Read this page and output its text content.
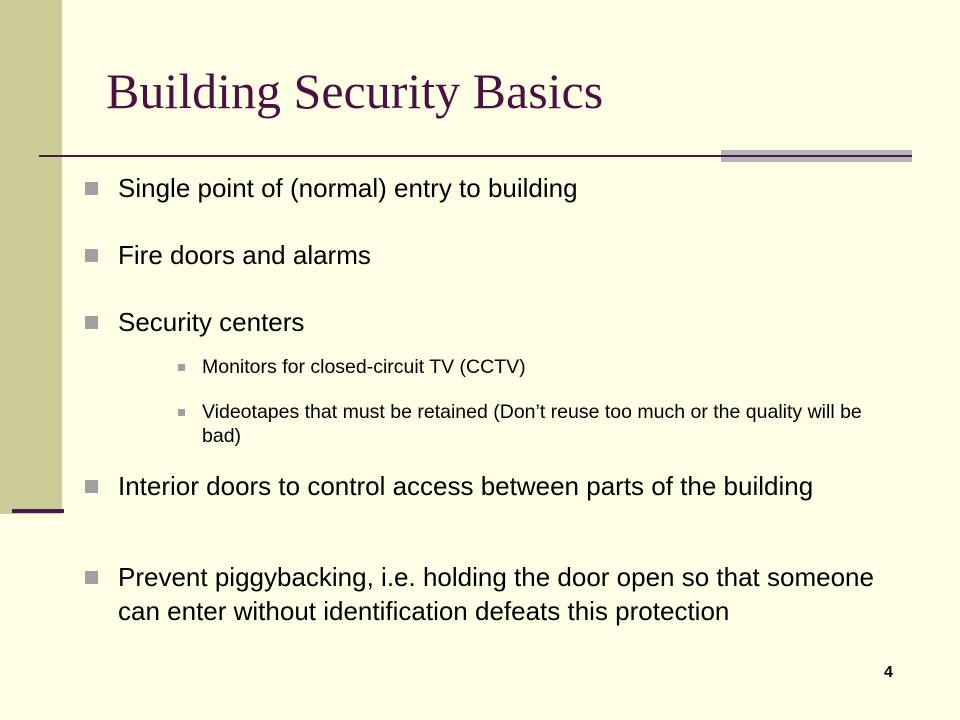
Building Security Basics
Single point of (normal) entry to building
Fire doors and alarms
Security centers
Monitors for closed-circuit TV (CCTV)
Videotapes that must be retained (Don’t reuse too much or the quality will be bad)
Interior doors to control access between parts of the building
Prevent piggybacking, i.e. holding the door open so that someone can enter without identification defeats this protection
4
